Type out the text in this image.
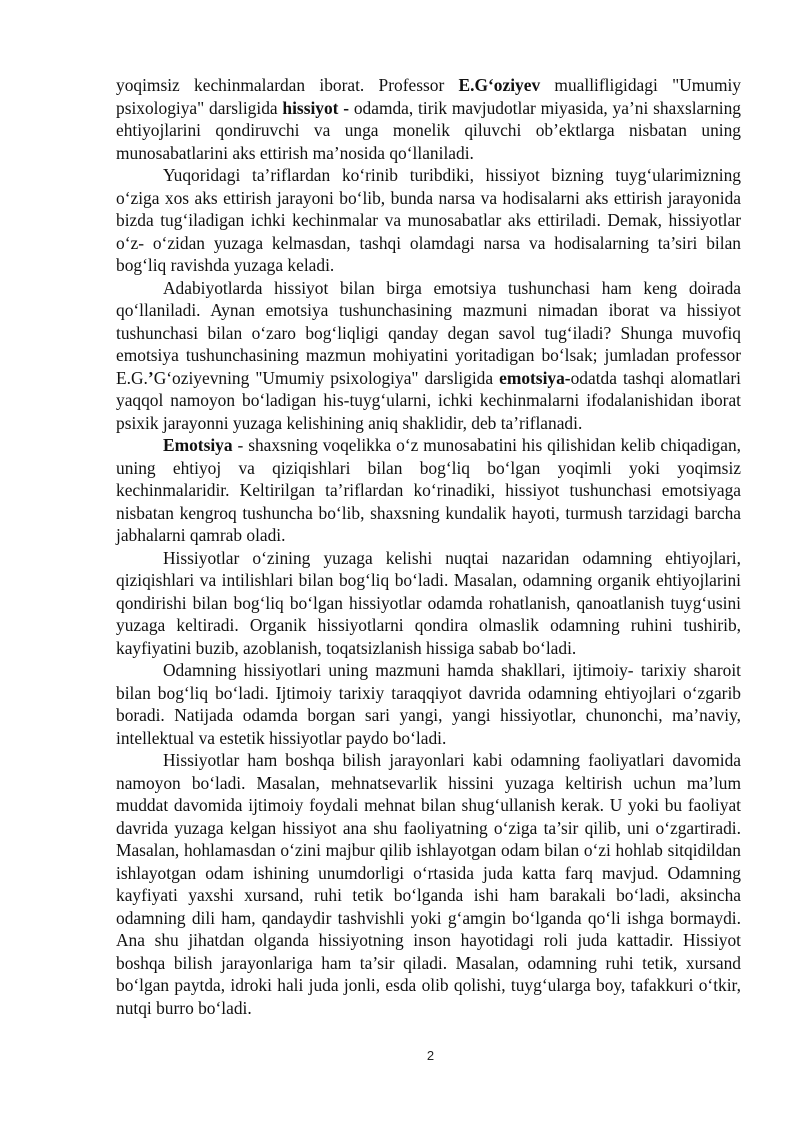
yoqimsiz kechinmalardan iborat. Professor E.G‘oziyev muallifligidagi "Umumiy psixologiya" darsligida hissiyot - odamda, tirik mavjudotlar miyasida, ya’ni shaxslarning ehtiyojlarini qondiruvchi va unga monelik qiluvchi ob’ektlarga nisbatan uning munosabatlarini aks ettirish ma’nosida qo‘llaniladi.

Yuqoridagi ta’riflardan ko‘rinib turibdiki, hissiyot bizning tuyg‘ularimizning o‘ziga xos aks ettirish jarayoni bo‘lib, bunda narsa va hodisalarni aks ettirish jarayonida bizda tug‘iladigan ichki kechinmalar va munosabatlar aks ettiriladi. Demak, hissiyotlar o‘z- o‘zidan yuzaga kelmasdan, tashqi olamdagi narsa va hodisalarning ta’siri bilan bog‘liq ravishda yuzaga keladi.

Adabiyotlarda hissiyot bilan birga emotsiya tushunchasi ham keng doirada qo‘llaniladi. Aynan emotsiya tushunchasining mazmuni nimadan iborat va hissiyot tushunchasi bilan o‘zaro bog‘liqligi qanday degan savol tug‘iladi? Shunga muvofiq emotsiya tushunchasining mazmun mohiyatini yoritadigan bo‘lsak; jumladan professor E.G.’G‘oziyevning "Umumiy psixologiya" darsligida emotsiya-odatda tashqi alomatlari yaqqol namoyon bo‘ladigan his-tuyg‘ularni, ichki kechinmalarni ifodalanishidan iborat psixik jarayonni yuzaga kelishining aniq shaklidir, deb ta’riflanadi.

Emotsiya - shaxsning voqelikka o‘z munosabatini his qilishidan kelib chiqadigan, uning ehtiyoj va qiziqishlari bilan bog‘liq bo‘lgan yoqimli yoki yoqimsiz kechinmalaridir. Keltirilgan ta’riflardan ko‘rinadiki, hissiyot tushunchasi emotsiyaga nisbatan kengroq tushuncha bo‘lib, shaxsning kundalik hayoti, turmush tarzidagi barcha jabhalarni qamrab oladi.

Hissiyotlar o‘zining yuzaga kelishi nuqtai nazaridan odamning ehtiyojlari, qiziqishlari va intilishlari bilan bog‘liq bo‘ladi. Masalan, odamning organik ehtiyojlarini qondirishi bilan bog‘liq bo‘lgan hissiyotlar odamda rohatlanish, qanoatlanish tuyg‘usini yuzaga keltiradi. Organik hissiyotlarni qondira olmaslik odamning ruhini tushirib, kayfiyatini buzib, azoblanish, toqatsizlanish hissiga sabab bo‘ladi.

Odamning hissiyotlari uning mazmuni hamda shakllari, ijtimoiy- tarixiy sharoit bilan bog‘liq bo‘ladi. Ijtimoiy tarixiy taraqqiyot davrida odamning ehtiyojlari o‘zgarib boradi. Natijada odamda borgan sari yangi, yangi hissiyotlar, chunonchi, ma’naviy, intellektual va estetik hissiyotlar paydo bo‘ladi.

Hissiyotlar ham boshqa bilish jarayonlari kabi odamning faoliyatlari davomida namoyon bo‘ladi. Masalan, mehnatsevarlik hissini yuzaga keltirish uchun ma’lum muddat davomida ijtimoiy foydali mehnat bilan shug‘ullanish kerak. U yoki bu faoliyat davrida yuzaga kelgan hissiyot ana shu faoliyatning o‘ziga ta’sir qilib, uni o‘zgartiradi. Masalan, hohlamasdan o‘zini majbur qilib ishlayotgan odam bilan o‘zi hohlab sitqidildan ishlayotgan odam ishining unumdorligi o‘rtasida juda katta farq mavjud. Odamning kayfiyati yaxshi xursand, ruhi tetik bo‘lganda ishi ham barakali bo‘ladi, aksincha odamning dili ham, qandaydir tashvishli yoki g‘amgin bo‘lganda qo‘li ishga bormaydi. Ana shu jihatdan olganda hissiyotning inson hayotidagi roli juda kattadir. Hissiyot boshqa bilish jarayonlariga ham ta’sir qiladi. Masalan, odamning ruhi tetik, xursand bo‘lgan paytda, idroki hali juda jonli, esda olib qolishi, tuyg‘ularga boy, tafakkuri o‘tkir, nutqi burro bo‘ladi.

2
